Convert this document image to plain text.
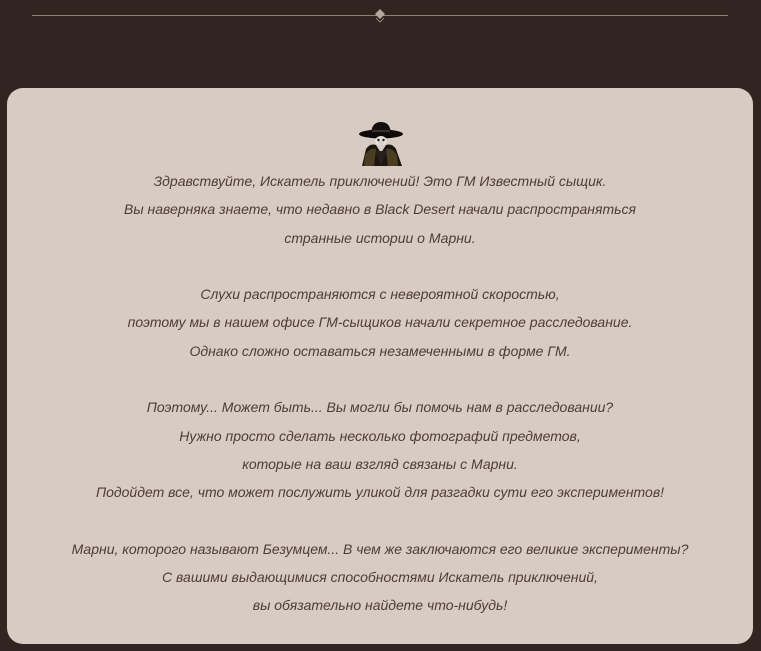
Здравствуйте, Искатель приключений! Это ГМ Известный сыщик.
Вы наверняка знаете, что недавно в Black Desert начали распространяться
странные истории о Марни.

Слухи распространяются с невероятной скоростью,
поэтому мы в нашем офисе ГМ-сыщиков начали секретное расследование.
Однако сложно оставаться незамеченными в форме ГМ.

Поэтому... Может быть... Вы могли бы помочь нам в расследовании?
Нужно просто сделать несколько фотографий предметов,
которые на ваш взгляд связаны с Марни.
Подойдет все, что может послужить уликой для разгадки сути его экспериментов!

Марни, которого называют Безумцем... В чем же заключаются его великие эксперименты?
С вашими выдающимися способностями Искатель приключений,
вы обязательно найдете что-нибудь!
